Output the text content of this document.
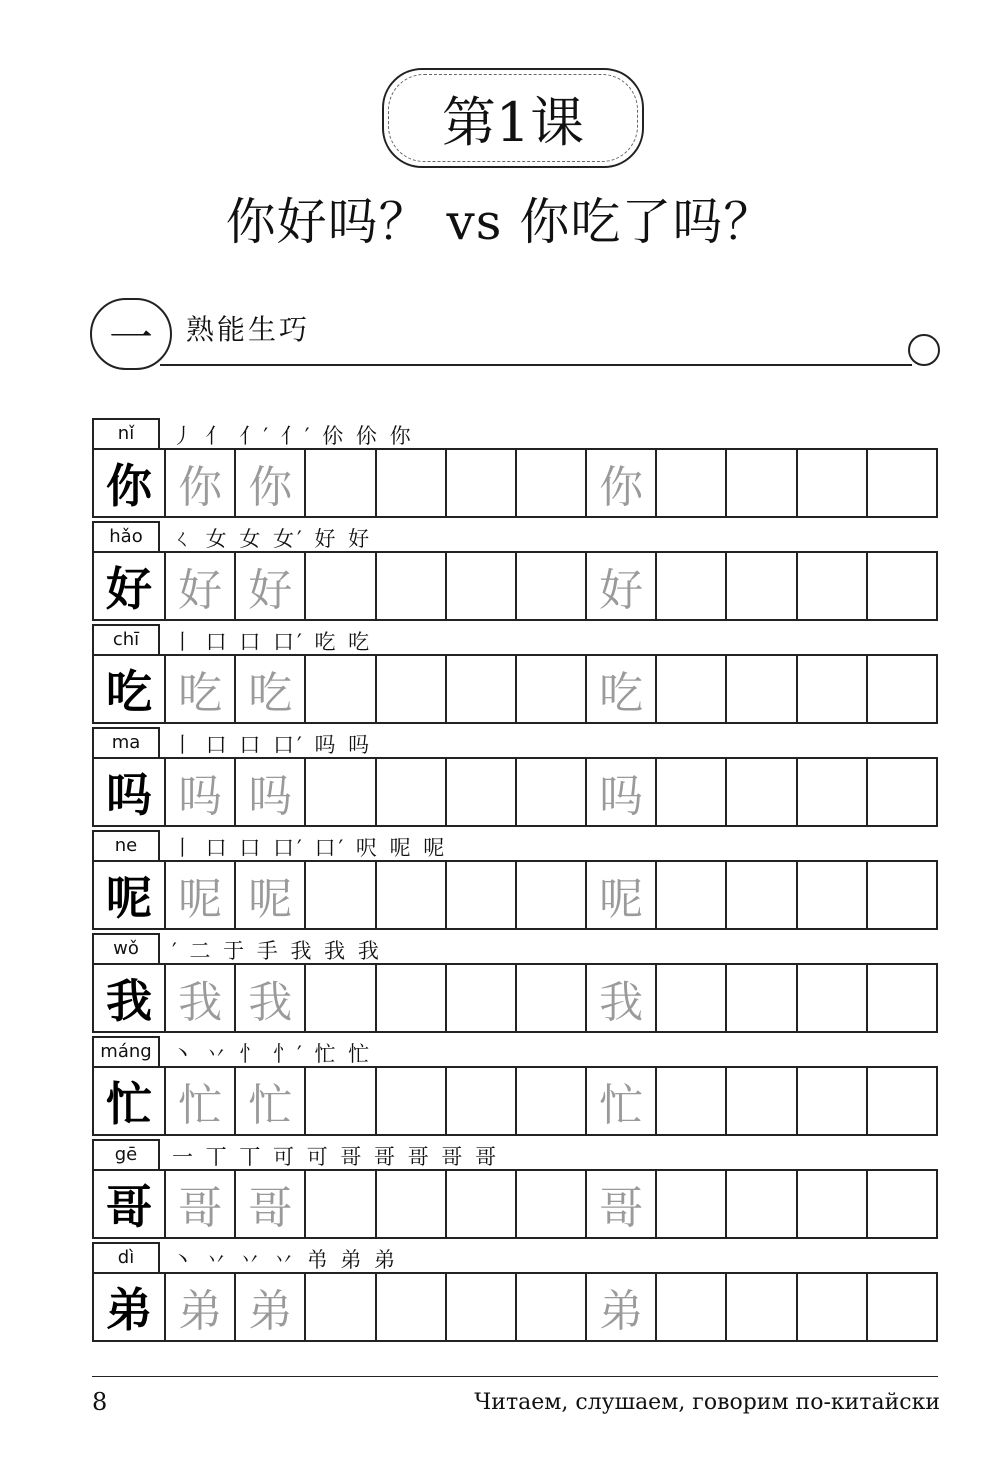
第1课
你好吗？ vs 你吃了吗？
一	熟能生巧
nǐ	丿 亻 亻′ 亻′ 伱 伱 你
你 你 你	你
hǎo	ㄑ 女 女 女′ 好 好
好 好 好	好
chī	丨 口 口 口′ 吃 吃
吃 吃 吃	吃
ma	丨 口 口 口′ 吗 吗
吗 吗 吗	吗
ne	丨 口 口 口′ 口′ 呎 呢 呢
呢 呢 呢	呢
wǒ	′ 二 于 手 我 我 我
我 我 我	我
máng 丶 丷 忄 忄′ 忙 忙
忙 忙 忙	忙
gē	一 丅 丅 可 可 哥 哥 哥 哥 哥
哥 哥 哥	哥
dì	丶 丷 丷 丷 弚 弟 弟
弟 弟 弟	弟
8	Читаем, слушаем, говорим по-китайски
